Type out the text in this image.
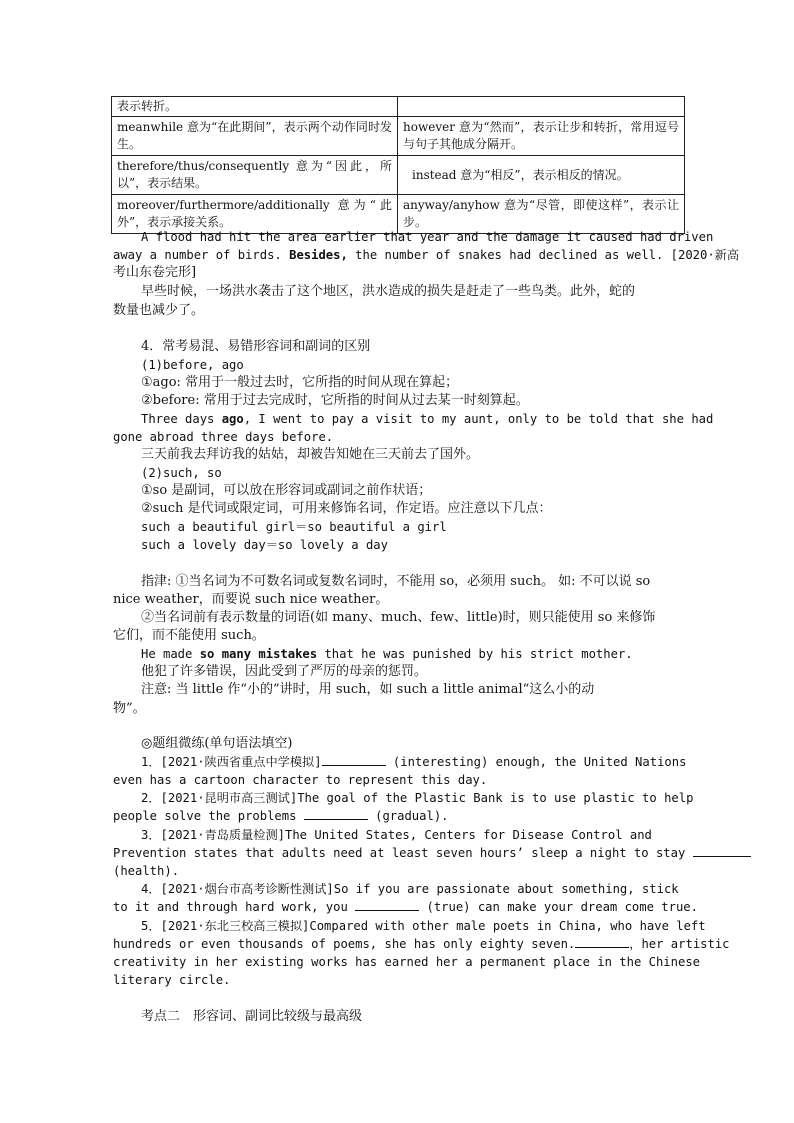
表示转折。	
meanwhile 意为“在此期间”，表示两个动作同时发生。	however 意为“然而”，表示让步和转折，常用逗号与句子其他成分隔开。
therefore/thus/consequently 意为“因此，所以”，表示结果。	instead 意为“相反”，表示相反的情况。
moreover/furthermore/additionally 意为“此外”，表示承接关系。	anyway/anyhow 意为“尽管，即使这样”，表示让步。
A flood had hit the area earlier that year and the damage it caused had driven
away a number of birds. Besides, the number of snakes had declined as well. [2020·新高
考山东卷完形]
早些时候，一场洪水袭击了这个地区，洪水造成的损失是赶走了一些鸟类。此外，蛇的
数量也减少了。
4．常考易混、易错形容词和副词的区别
(1)before, ago
①ago: 常用于一般过去时，它所指的时间从现在算起；
②before: 常用于过去完成时，它所指的时间从过去某一时刻算起。
Three days ago, I went to pay a visit to my aunt, only to be told that she had
gone abroad three days before.
三天前我去拜访我的姑姑，却被告知她在三天前去了国外。
(2)such, so
①so 是副词，可以放在形容词或副词之前作状语；
②such 是代词或限定词，可用来修饰名词，作定语。应注意以下几点：
such a beautiful girl＝so beautiful a girl
such a lovely day＝so lovely a day
指津: ①当名词为不可数名词或复数名词时，不能用 so，必须用 such。 如: 不可以说 so
nice weather，而要说 such nice weather。
②当名词前有表示数量的词语(如 many、much、few、little)时，则只能使用 so 来修饰
它们，而不能使用 such。
He made so many mistakes that he was punished by his strict mother.
他犯了许多错误，因此受到了严厉的母亲的惩罚。
注意: 当 little 作“小的”讲时，用 such，如 such a little animal“这么小的动
物”。
◎题组微练(单句语法填空)
1．[2021·陕西省重点中学模拟]	(interesting) enough, the United Nations
even has a cartoon character to represent this day.
2．[2021·昆明市高三测试]The goal of the Plastic Bank is to use plastic to help
people solve the problems	(gradual).
3．[2021·青岛质量检测]The United States, Centers for Disease Control and
Prevention states that adults need at least seven hours’ sleep a night to stay
(health).
4．[2021·烟台市高考诊断性测试]So if you are passionate about something, stick
to it and through hard work, you	(true) can make your dream come true.
5．[2021·东北三校高三模拟]Compared with other male poets in China, who have left
hundreds or even thousands of poems, she has only eighty seven.	，her artistic
creativity in her existing works has earned her a permanent place in the Chinese
literary circle.
考点二　形容词、副词比较级与最高级
